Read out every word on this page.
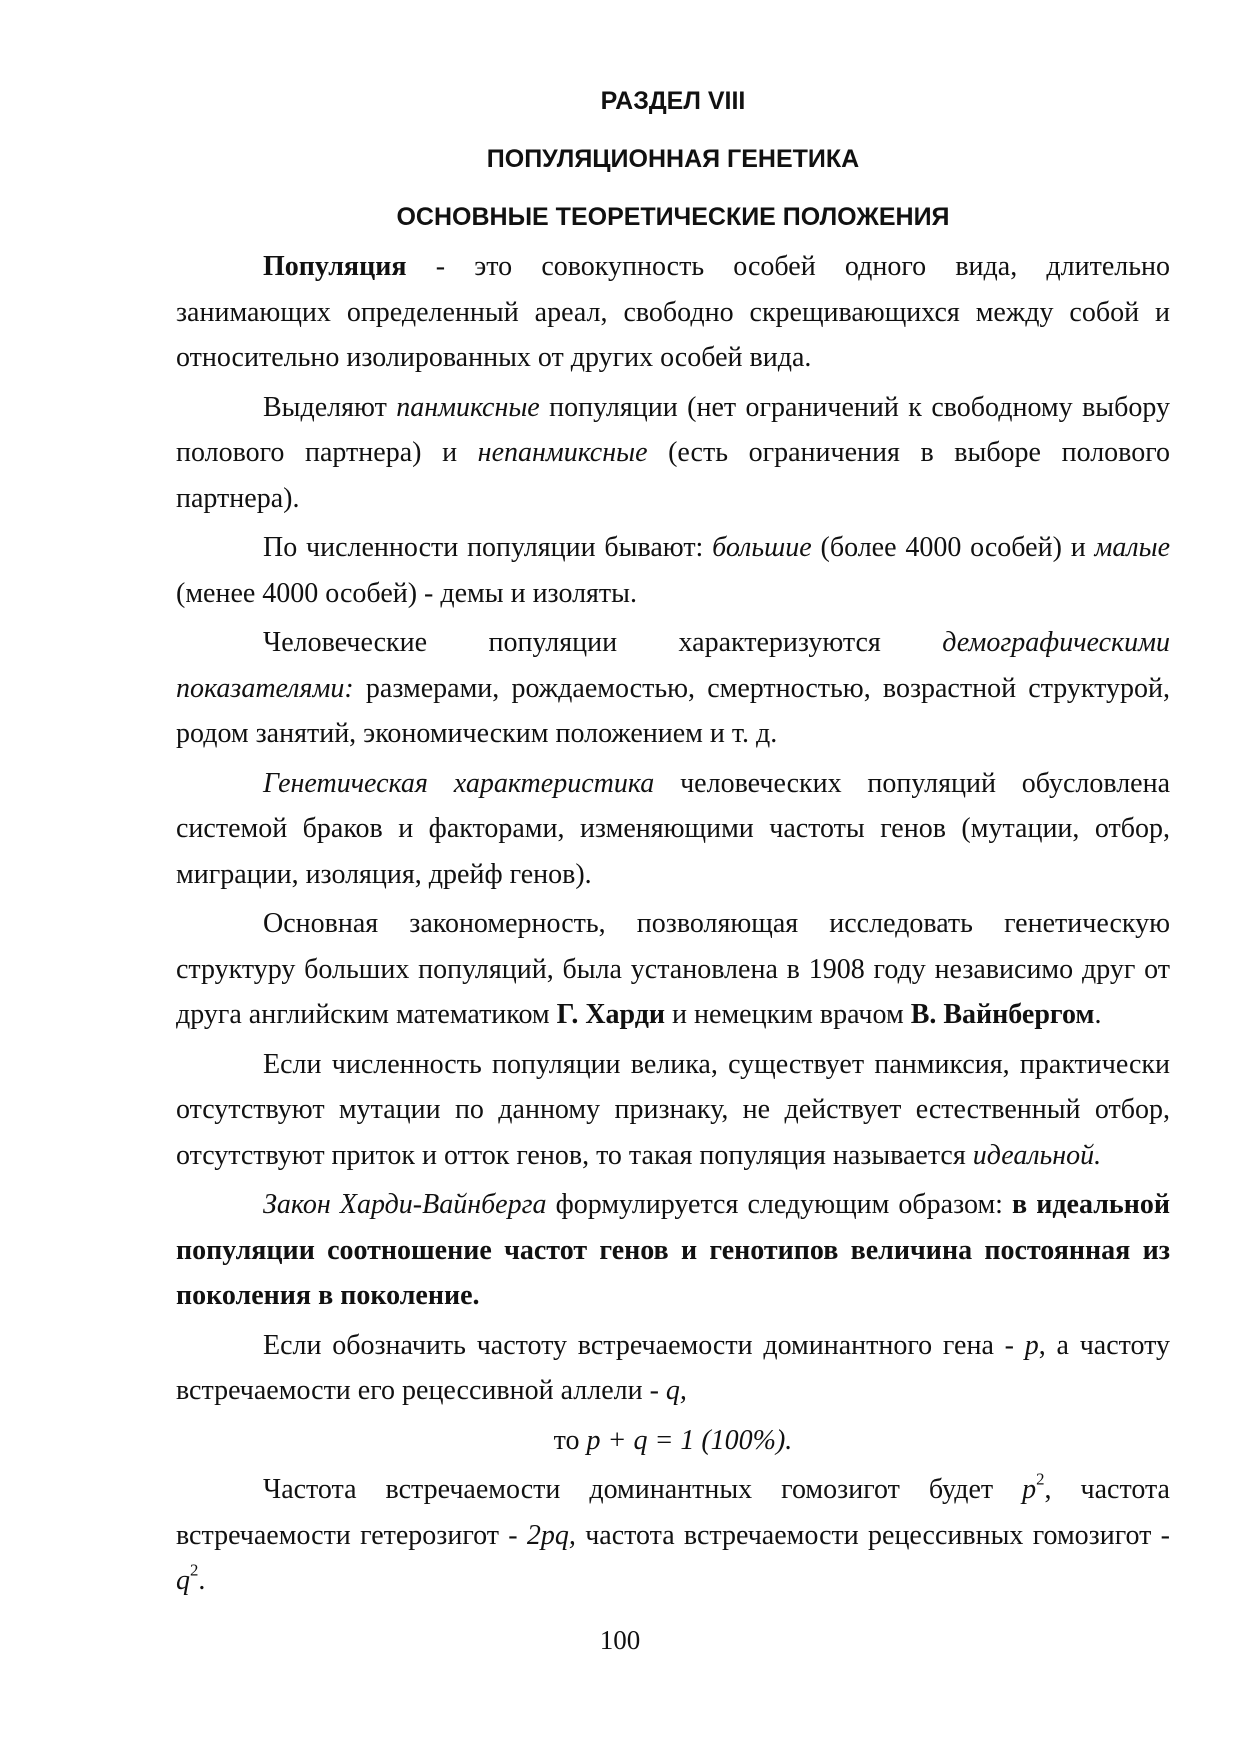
РАЗДЕЛ VIII
ПОПУЛЯЦИОННАЯ ГЕНЕТИКА
ОСНОВНЫЕ ТЕОРЕТИЧЕСКИЕ ПОЛОЖЕНИЯ

Популяция - это совокупность особей одного вида, длительно занимающих определенный ареал, свободно скрещивающихся между собой и относительно изолированных от других особей вида.

Выделяют панмиксные популяции (нет ограничений к свободному выбору полового партнера) и непанмиксные (есть ограничения в выборе полового партнера).

По численности популяции бывают: большие (более 4000 особей) и малые (менее 4000 особей) - демы и изоляты.

Человеческие популяции характеризуются демографическими показателями: размерами, рождаемостью, смертностью, возрастной структурой, родом занятий, экономическим положением и т. д.

Генетическая характеристика человеческих популяций обусловлена системой браков и факторами, изменяющими частоты генов (мутации, отбор, миграции, изоляция, дрейф генов).

Основная закономерность, позволяющая исследовать генетическую структуру больших популяций, была установлена в 1908 году независимо друг от друга английским математиком Г. Харди и немецким врачом В. Вайнбергом.

Если численность популяции велика, существует панмиксия, практически отсутствуют мутации по данному признаку, не действует естественный отбор, отсутствуют приток и отток генов, то такая популяция называется идеальной.

Закон Харди-Вайнберга формулируется следующим образом: в идеальной популяции соотношение частот генов и генотипов величина постоянная из поколения в поколение.

Если обозначить частоту встречаемости доминантного гена - p, а частоту встречаемости его рецессивной аллели - q,

то p + q = 1 (100%).

Частота встречаемости доминантных гомозигот будет $p^2$, частота встречаемости гетерозигот - 2pq, частота встречаемости рецессивных гомозигот - $q^2$.

100
